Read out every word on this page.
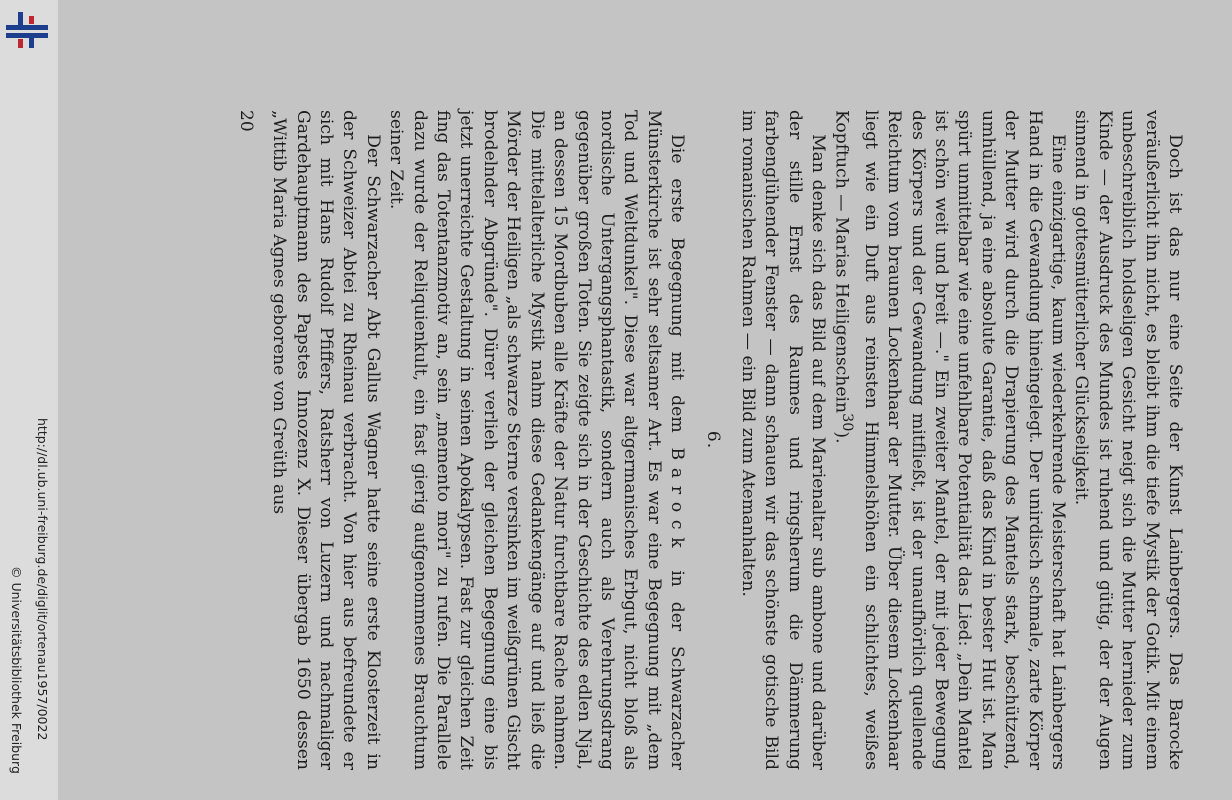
http://dl.ub.uni-freiburg.de/diglit/ortenau1957/0022
© Universitätsbibliothek Freiburg	Doch ist das nur eine Seite der Kunst Lainbergers. Das Barocke veräußerlicht ihn nicht, es bleibt ihm die tiefe Mystik der Gotik. Mit einem unbeschreiblich holdseligen Gesicht neigt sich die Mutter hernieder zum Kinde — der Ausdruck des Mundes ist ruhend und gütig, der der Augen sinnend in gottesmütterlicher Glückseligkeit.

Eine einzigartige, kaum wiederkehrende Meisterschaft hat Lainbergers Hand in die Gewandung hineingelegt. Der unirdisch schmale, zarte Körper der Mutter wird durch die Drapierung des Mantels stark, beschützend, umhüllend, ja eine absolute Garantie, daß das Kind in bester Hut ist. Man spürt unmittelbar wie eine unfehlbare Potentialität das Lied: „Dein Mantel ist schön weit und breit —." Ein zweiter Mantel, der mit jeder Bewegung des Körpers und der Gewandung mitfließt, ist der unaufhörlich quellende Reichtum vom braunen Lockenhaar der Mutter. Über diesem Lockenhaar liegt wie ein Duft aus reinsten Himmelshöhen ein schlichtes, weißes Kopftuch — Marias Heiligenschein$^{30}$).

Man denke sich das Bild auf dem Marienaltar sub ambone und darüber der stille Ernst des Raumes und ringsherum die Dämmerung farbenglühender Fenster — dann schauen wir das schönste gotische Bild im romanischen Rahmen — ein Bild zum Atemanhalten.

6.

Die erste Begegnung mit dem Barock in der Schwarzacher Münsterkirche ist sehr seltsamer Art. Es war eine Begegnung mit „dem Tod und Weltdunkel". Diese war altgermanisches Erbgut, nicht bloß als nordische Untergangsphantastik, sondern auch als Verehrungsdrang gegenüber großen Toten. Sie zeigte sich in der Geschichte des edlen Njal, an dessen 15 Mordbuben alle Kräfte der Natur furchtbare Rache nahmen. Die mittelalterliche Mystik nahm diese Gedankengänge auf und ließ die Mörder der Heiligen „als schwarze Sterne versinken im weißgrünen Gischt brodelnder Abgründe". Dürer verlieh der gleichen Begegnung eine bis jetzt unerreichte Gestaltung in seinen Apokalypsen. Fast zur gleichen Zeit fing das Totentanzmotiv an, sein „memento mori" zu rufen. Die Parallele dazu wurde der Reliquienkult, ein fast gierig aufgenommenes Brauchtum seiner Zeit.

Der Schwarzacher Abt Gallus Wagner hatte seine erste Klosterzeit in der Schweizer Abtei zu Rheinau verbracht. Von hier aus befreundete er sich mit Hans Rudolf Pfiffers, Ratsherr von Luzern und nachmaliger Gardehauptmann des Papstes Innozenz X. Dieser übergab 1650 dessen „Wittib Maria Agnes geborene von Greüth aus

20
